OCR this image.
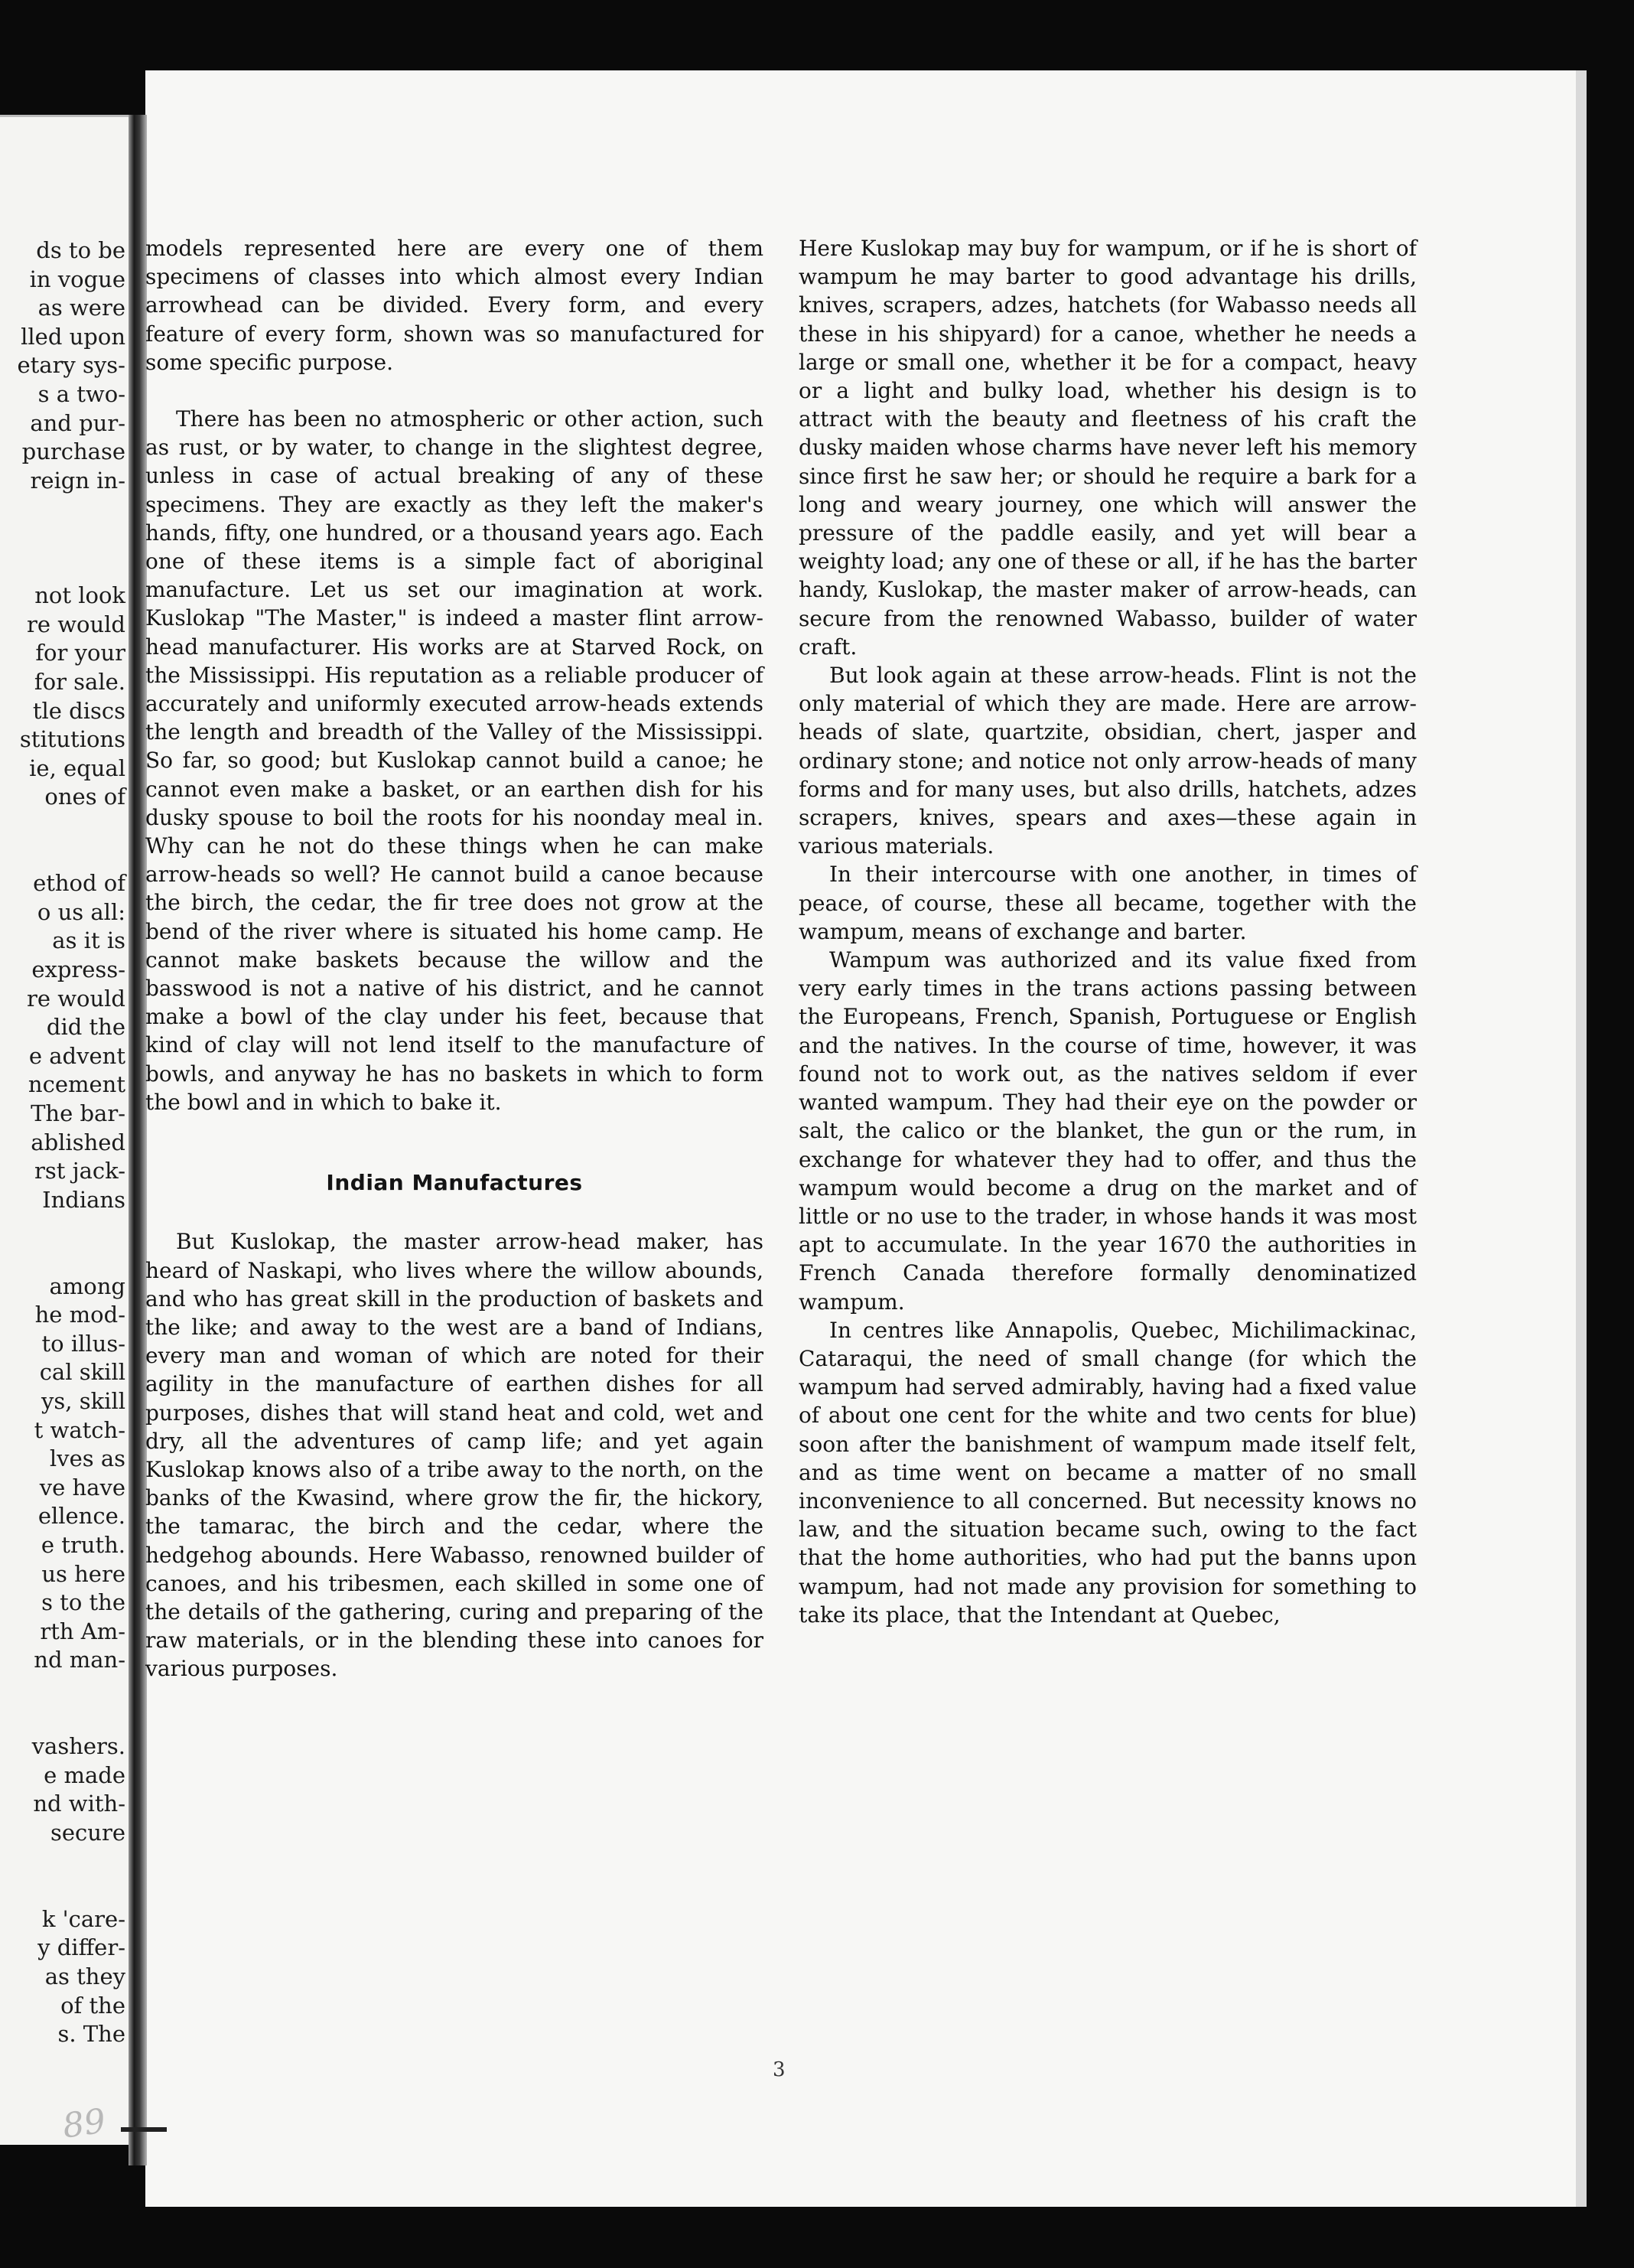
ds to be
in vogue
as were
lled upon
etary sys-
s a two-
and pur-
purchase
reign in-
not look
re would
for your
for sale.
tle discs
stitutions
ie, equal
ones of
ethod of
o us all:
as it is
express-
re would
did the
e advent
ncement
The bar-
ablished
rst jack-
Indians
among
he mod-
to illus-
cal skill
ys, skill
t watch-
lves as
ve have
ellence.
e truth.
us here
s to the
rth Am-
nd man-
vashers.
e made
nd with-
secure
k 'care-
y differ-
as they
of the
s. The

models represented here are every one of them specimens of classes into which almost every Indian arrowhead can be divided. Every form, and every feature of every form, shown was so manufactured for some specific purpose.

There has been no atmospheric or other action, such as rust, or by water, to change in the slightest degree, unless in case of actual breaking of any of these specimens. They are exactly as they left the maker's hands, fifty, one hundred, or a thousand years ago. Each one of these items is a simple fact of aboriginal manufacture. Let us set our imagination at work. Kuslokap "The Master," is indeed a master flint arrow-head manufacturer. His works are at Starved Rock, on the Mississippi. His reputation as a reliable producer of accurately and uniformly executed arrow-heads extends the length and breadth of the Valley of the Mississippi. So far, so good; but Kuslokap cannot build a canoe; he cannot even make a basket, or an earthen dish for his dusky spouse to boil the roots for his noonday meal in. Why can he not do these things when he can make arrow-heads so well? He cannot build a canoe because the birch, the cedar, the fir tree does not grow at the bend of the river where is situated his home camp. He cannot make baskets because the willow and the basswood is not a native of his district, and he cannot make a bowl of the clay under his feet, because that kind of clay will not lend itself to the manufacture of bowls, and anyway he has no baskets in which to form the bowl and in which to bake it.

Indian Manufactures

But Kuslokap, the master arrow-head maker, has heard of Naskapi, who lives where the willow abounds, and who has great skill in the production of baskets and the like; and away to the west are a band of Indians, every man and woman of which are noted for their agility in the manufacture of earthen dishes for all purposes, dishes that will stand heat and cold, wet and dry, all the adventures of camp life; and yet again Kuslokap knows also of a tribe away to the north, on the banks of the Kwasind, where grow the fir, the hickory, the tamarac, the birch and the cedar, where the hedgehog abounds. Here Wabasso, renowned builder of canoes, and his tribesmen, each skilled in some one of the details of the gathering, curing and preparing of the raw materials, or in the blending these into canoes for various purposes.

Here Kuslokap may buy for wampum, or if he is short of wampum he may barter to good advantage his drills, knives, scrapers, adzes, hatchets (for Wabasso needs all these in his shipyard) for a canoe, whether he needs a large or small one, whether it be for a compact, heavy or a light and bulky load, whether his design is to attract with the beauty and fleetness of his craft the dusky maiden whose charms have never left his memory since first he saw her; or should he require a bark for a long and weary journey, one which will answer the pressure of the paddle easily, and yet will bear a weighty load; any one of these or all, if he has the barter handy, Kuslokap, the master maker of arrow-heads, can secure from the renowned Wabasso, builder of water craft.

But look again at these arrow-heads. Flint is not the only material of which they are made. Here are arrow-heads of slate, quartzite, obsidian, chert, jasper and ordinary stone; and notice not only arrow-heads of many forms and for many uses, but also drills, hatchets, adzes scrapers, knives, spears and axes—these again in various materials.

In their intercourse with one another, in times of peace, of course, these all became, together with the wampum, means of exchange and barter.

Wampum was authorized and its value fixed from very early times in the trans actions passing between the Europeans, French, Spanish, Portuguese or English and the natives. In the course of time, however, it was found not to work out, as the natives seldom if ever wanted wampum. They had their eye on the powder or salt, the calico or the blanket, the gun or the rum, in exchange for whatever they had to offer, and thus the wampum would become a drug on the market and of little or no use to the trader, in whose hands it was most apt to accumulate. In the year 1670 the authorities in French Canada therefore formally denominatized wampum.

In centres like Annapolis, Quebec, Michilimackinac, Cataraqui, the need of small change (for which the wampum had served admirably, having had a fixed value of about one cent for the white and two cents for blue) soon after the banishment of wampum made itself felt, and as time went on became a matter of no small inconvenience to all concerned. But necessity knows no law, and the situation became such, owing to the fact that the home authorities, who had put the banns upon wampum, had not made any provision for something to take its place, that the Intendant at Quebec,

3
89
